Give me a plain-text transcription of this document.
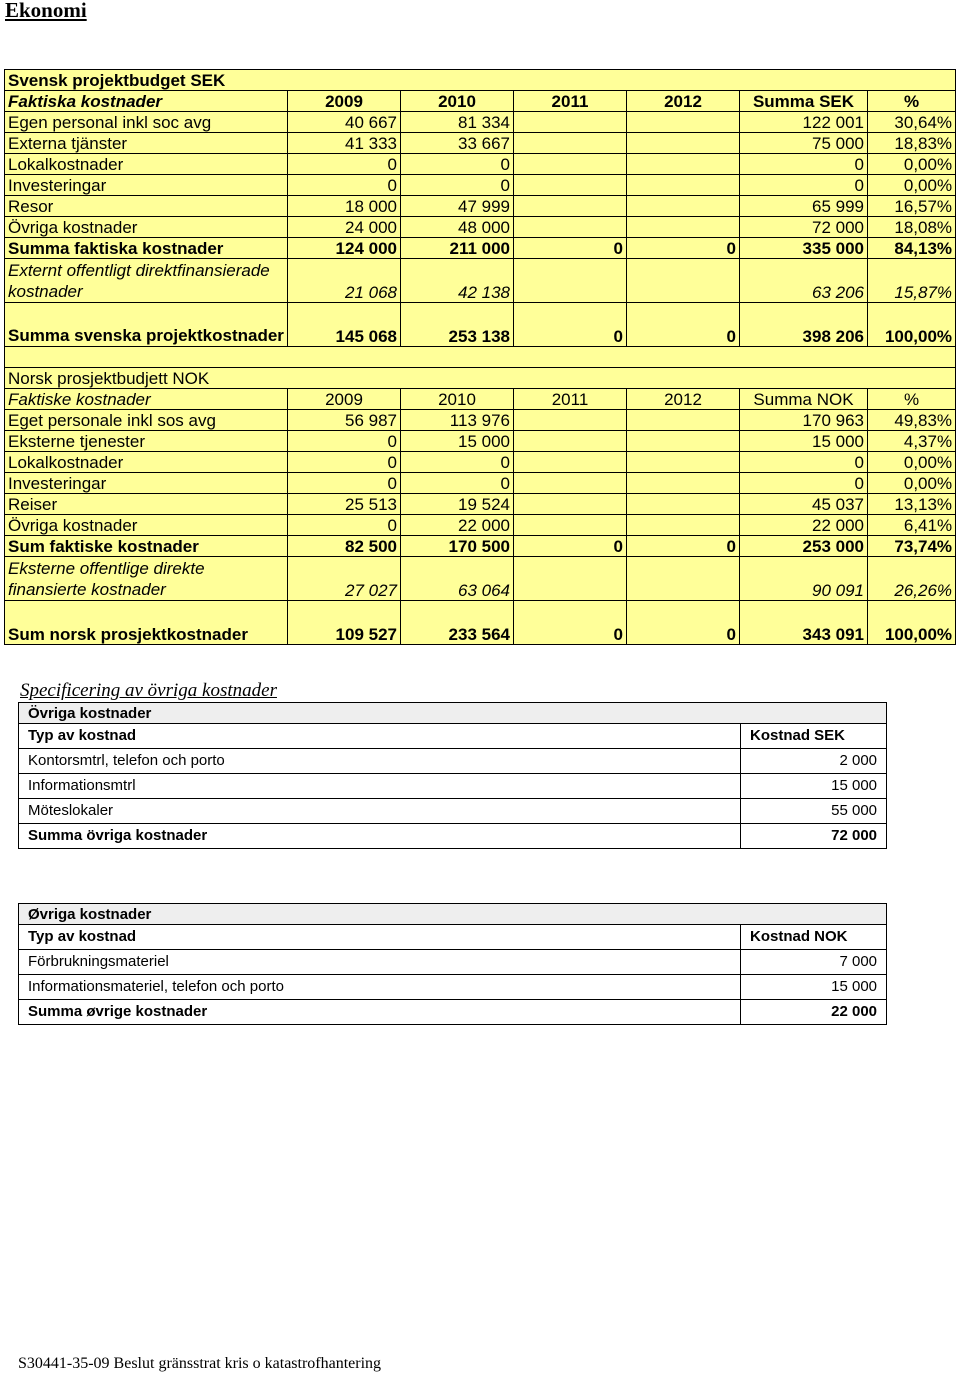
Ekonomi
Svensk projektbudget SEK						
Faktiska kostnader	2009	2010	2011	2012	Summa SEK	%
Egen personal inkl soc avg	40 667	81 334			122 001	30,64%
Externa tjänster	41 333	33 667			75 000	18,83%
Lokalkostnader	0	0			0	0,00%
Investeringar	0	0			0	0,00%
Resor	18 000	47 999			65 999	16,57%
Övriga kostnader	24 000	48 000			72 000	18,08%
Summa faktiska kostnader	124 000	211 000	0	0	335 000	84,13%
Externt offentligt direktfinansierade kostnader	21 068	42 138			63 206	15,87%
Summa svenska projektkostnader	145 068	253 138	0	0	398 206	100,00%

Norsk prosjektbudjett NOK						
Faktiske kostnader	2009	2010	2011	2012	Summa NOK	%
Eget personale inkl sos avg	56 987	113 976			170 963	49,83%
Eksterne tjenester	0	15 000			15 000	4,37%
Lokalkostnader	0	0			0	0,00%
Investeringar	0	0			0	0,00%
Reiser	25 513	19 524			45 037	13,13%
Övriga kostnader	0	22 000			22 000	6,41%
Sum faktiske kostnader	82 500	170 500	0	0	253 000	73,74%
Eksterne offentlige direkte finansierte kostnader	27 027	63 064			90 091	26,26%
Sum norsk prosjektkostnader	109 527	233 564	0	0	343 091	100,00%
Specificering av övriga kostnader
Övriga kostnader	
Typ av kostnad	Kostnad SEK
Kontorsmtrl, telefon och porto	2 000
Informationsmtrl	15 000
Möteslokaler	55 000
Summa övriga kostnader	72 000
Øvriga kostnader	
Typ av kostnad	Kostnad NOK
Förbrukningsmateriel	7 000
Informationsmateriel, telefon och porto	15 000
Summa øvrige kostnader	22 000
S30441-35-09 Beslut gränsstrat kris o katastrofhantering
